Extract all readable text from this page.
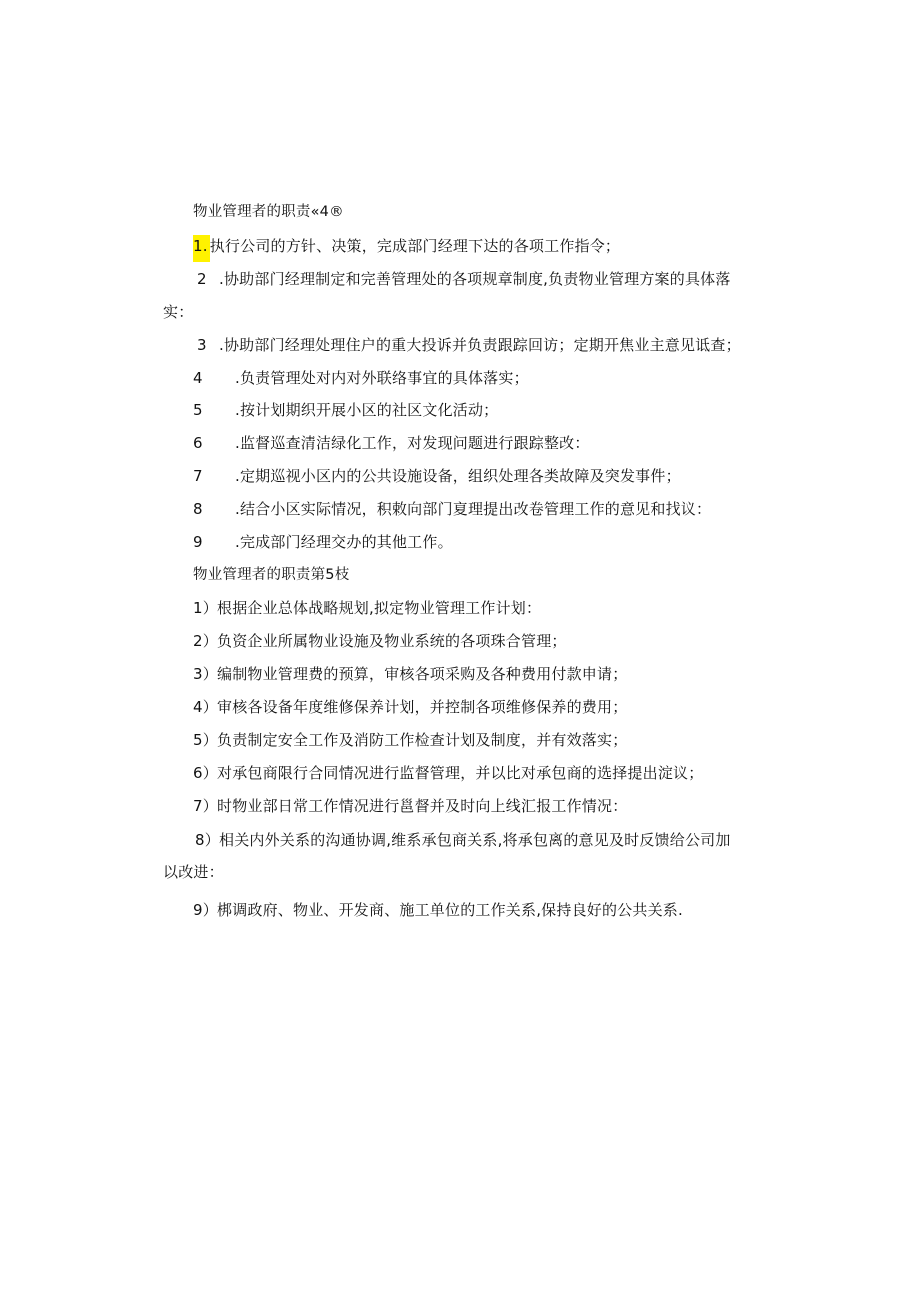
物业管理者的职责«4®
1. 执行公司的方针、决策，完成部门经理下达的各项工作指令；
2 .协助部门经理制定和完善管理处的各项规章制度,负责物业管理方案的具体落
实：
3 .协助部门经理处理住户的重大投诉并负责跟踪回访；定期开焦业主意见诋查；
4 .负责管理处对内对外联络事宜的具体落实；
5 .按计划期织开展小区的社区文化活动；
6 .监督巡查清洁绿化工作，对发现问题进行跟踪整改：
7 .定期巡视小区内的公共设施设备，组织处理各类故障及突发事件；
8 .结合小区实际情况，积敕向部门㚆理提出改卷管理工作的意见和找议：
9 .完成部门经理交办的其他工作。
物业管理者的职责第5枝
1）根据企业总体战略规划,拟定物业管理工作计划：
2）负资企业所属物业设施及物业系统的各项珠合管理；
3）编制物业管理费的预算，审核各项采购及各种费用付款申请；
4）审核各设备年度维修保养计划，并控制各项维修保养的费用；
5）负责制定安全工作及消防工作检查计划及制度，并有效落实；
6）对承包商限行合同情况进行监督管理，并以比对承包商的选择提出淀议；
7）时物业部日常工作情况进行邕督并及时向上线汇报工作情况：
8）相关内外关系的沟通协调,维系承包商关系,将承包离的意见及时反馈给公司加
以改进：
9）梆调政府、物业、开发商、施工单位的工作关系,保持良好的公共关系.
